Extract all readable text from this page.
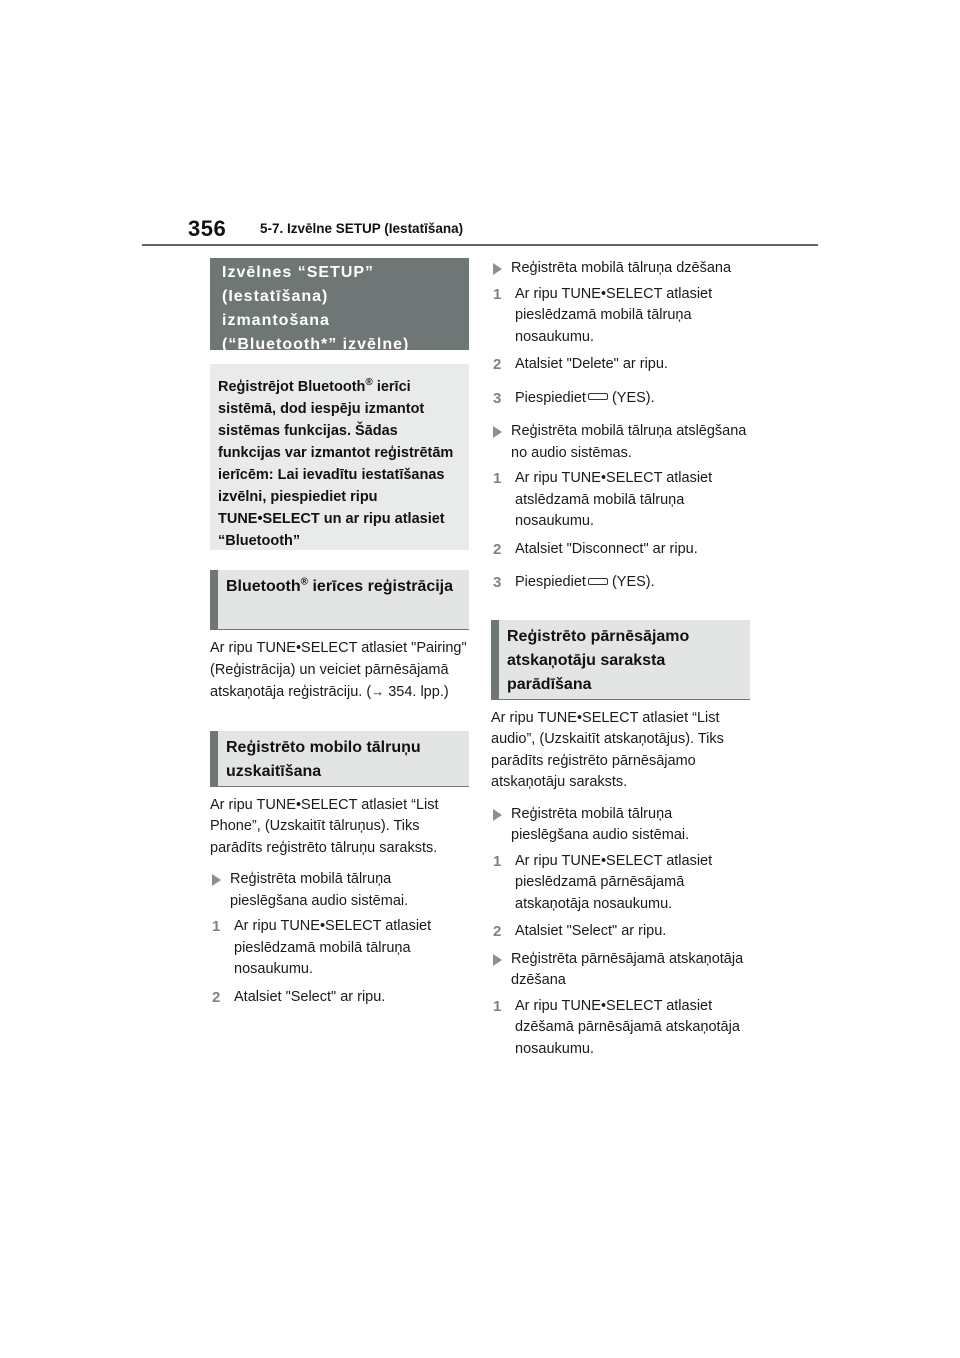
356	5-7. Izvēlne SETUP (Iestatīšana)
Izvēlnes “SETUP”
(Iestatīšana)
izmantošana
(“Bluetooth*” izvēlne)
Reģistrējot Bluetooth® ierīci sistēmā, dod iespēju izmantot sistēmas funkcijas. Šādas funkcijas var izmantot reģistrētām ierīcēm: Lai ievadītu iestatīšanas izvēlni, piespiediet ripu TUNE•SELECT un ar ripu atlasiet “Bluetooth”
Bluetooth® ierīces reģistrācija

Ar ripu TUNE•SELECT atlasiet "Pairing" (Reģistrācija) un veiciet pārnēsājamā atskaņotāja reģistrāciju. (→ 354. lpp.)

Reģistrēto mobilo tālruņu uzskaitīšana

Ar ripu TUNE•SELECT atlasiet “List Phone”, (Uzskaitīt tālruņus). Tiks parādīts reģistrēto tālruņu saraksts.

Reģistrēta mobilā tālruņa pieslēgšana audio sistēmai.
1 Ar ripu TUNE•SELECT atlasiet pieslēdzamā mobilā tālruņa nosaukumu.
2 Atalsiet "Select" ar ripu.
Reģistrēta mobilā tālruņa dzēšana
1 Ar ripu TUNE•SELECT atlasiet pieslēdzamā mobilā tālruņa nosaukumu.
2 Atalsiet "Delete" ar ripu.
3 Piespiediet (YES).
Reģistrēta mobilā tālruņa atslēgšana no audio sistēmas.
1 Ar ripu TUNE•SELECT atlasiet atslēdzamā mobilā tālruņa nosaukumu.
2 Atalsiet "Disconnect" ar ripu.
3 Piespiediet (YES).
Reģistrēto pārnēsājamo atskaņotāju saraksta parādīšana

Ar ripu TUNE•SELECT atlasiet “List audio”, (Uzskaitīt atskaņotājus). Tiks parādīts reģistrēto pārnēsājamo atskaņotāju saraksts.

Reģistrēta mobilā tālruņa pieslēgšana audio sistēmai.
1 Ar ripu TUNE•SELECT atlasiet pieslēdzamā pārnēsājamā atskaņotāja nosaukumu.
2 Atalsiet "Select" ar ripu.
Reģistrēta pārnēsājamā atskaņotāja dzēšana
1 Ar ripu TUNE•SELECT atlasiet dzēšamā pārnēsājamā atskaņotāja nosaukumu.
